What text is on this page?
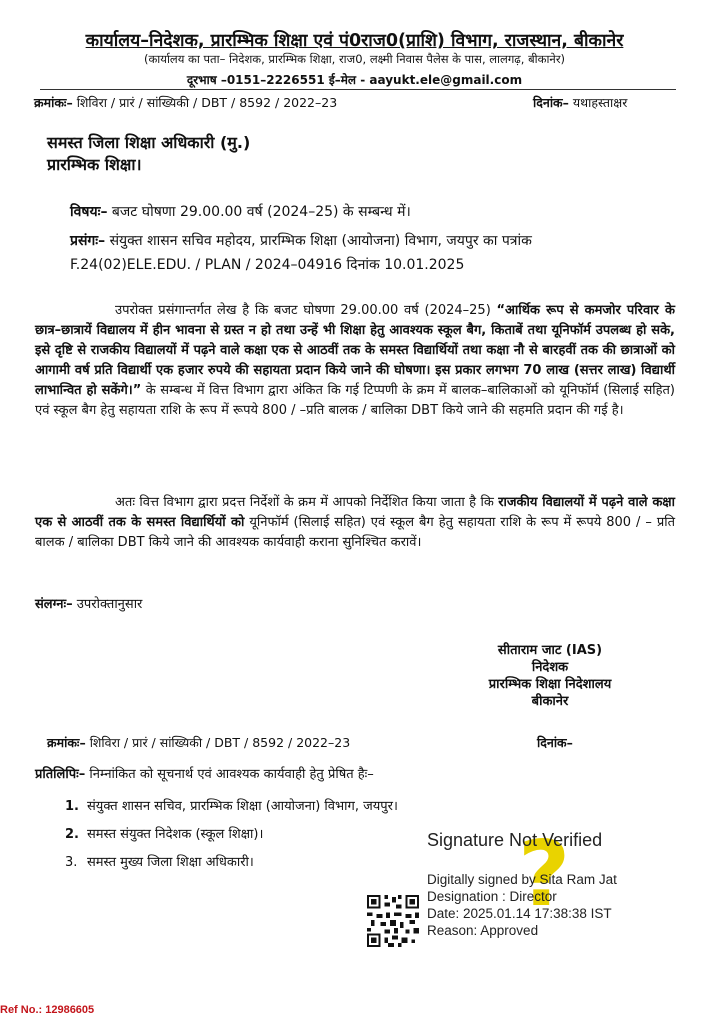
कार्यालय–निदेशक, प्रारम्भिक शिक्षा एवं पं0राज0(प्राशि) विभाग, राजस्थान, बीकानेर
(कार्यालय का पता– निदेशक, प्रारम्भिक शिक्षा, राज0, लक्ष्मी निवास पैलेस के पास, लालगढ़, बीकानेर)
दूरभाष –0151–2226551 ई–मेल - aayukt.ele@gmail.com
क्रमांकः– शिविरा / प्रारं / सांख्यिकी / DBT / 8592 / 2022–23	दिनांक– यथाहस्ताक्षर
समस्त जिला शिक्षा अधिकारी (मु.)
प्रारम्भिक शिक्षा।
विषयः– बजट घोषणा 29.00.00 वर्ष (2024–25) के सम्बन्ध में।
प्रसंगः– संयुक्त शासन सचिव महोदय, प्रारम्भिक शिक्षा (आयोजना) विभाग, जयपुर का पत्रांक F.24(02)ELE.EDU. / PLAN / 2024–04916 दिनांक 10.01.2025
उपरोक्त प्रसंगान्तर्गत लेख है कि बजट घोषणा 29.00.00 वर्ष (2024–25) “आर्थिक रूप से कमजोर परिवार के छात्र–छात्रायें विद्यालय में हीन भावना से ग्रस्त न हो तथा उन्हें भी शिक्षा हेतु आवश्यक स्कूल बैग, किताबें तथा यूनिफॉर्म उपलब्ध हो सके, इसे दृष्टि से राजकीय विद्यालयों में पढ़ने वाले कक्षा एक से आठवीं तक के समस्त विद्यार्थियों तथा कक्षा नौ से बारहवीं तक की छात्राओं को आगामी वर्ष प्रति विद्यार्थी एक हजार रुपये की सहायता प्रदान किये जाने की घोषणा। इस प्रकार लगभग 70 लाख (सत्तर लाख) विद्यार्थी लाभान्वित हो सकेंगे।” के सम्बन्ध में वित्त विभाग द्वारा अंकित कि गई टिप्पणी के क्रम में बालक–बालिकाओं को यूनिफॉर्म (सिलाई सहित) एवं स्कूल बैग हेतु सहायता राशि के रूप में रूपये 800 / –प्रति बालक / बालिका DBT किये जाने की सहमति प्रदान की गई है।
अतः वित्त विभाग द्वारा प्रदत्त निर्देशों के क्रम में आपको निर्देशित किया जाता है कि राजकीय विद्यालयों में पढ़ने वाले कक्षा एक से आठवीं तक के समस्त विद्यार्थियों को यूनिफॉर्म (सिलाई सहित) एवं स्कूल बैग हेतु सहायता राशि के रूप में रूपये 800 / – प्रति बालक / बालिका DBT किये जाने की आवश्यक कार्यवाही कराना सुनिश्चित करावें।
संलग्नः– उपरोक्तानुसार
सीताराम जाट (IAS)
निदेशक
प्रारम्भिक शिक्षा निदेशालय
बीकानेर
क्रमांकः– शिविरा / प्रारं / सांख्यिकी / DBT / 8592 / 2022–23	दिनांक–
प्रतिलिपिः– निम्नांकित को सूचनार्थ एवं आवश्यक कार्यवाही हेतु प्रेषित हैः–
1. संयुक्त शासन सचिव, प्रारम्भिक शिक्षा (आयोजना) विभाग, जयपुर।
2. समस्त संयुक्त निदेशक (स्कूल शिक्षा)।
3. समस्त मुख्य जिला शिक्षा अधिकारी।	?
Signature Not Verified
Digitally signed by Sita Ram Jat
Designation : Director
Date: 2025.01.14 17:38:38 IST
Reason: Approved
Ref No.: 12986605
